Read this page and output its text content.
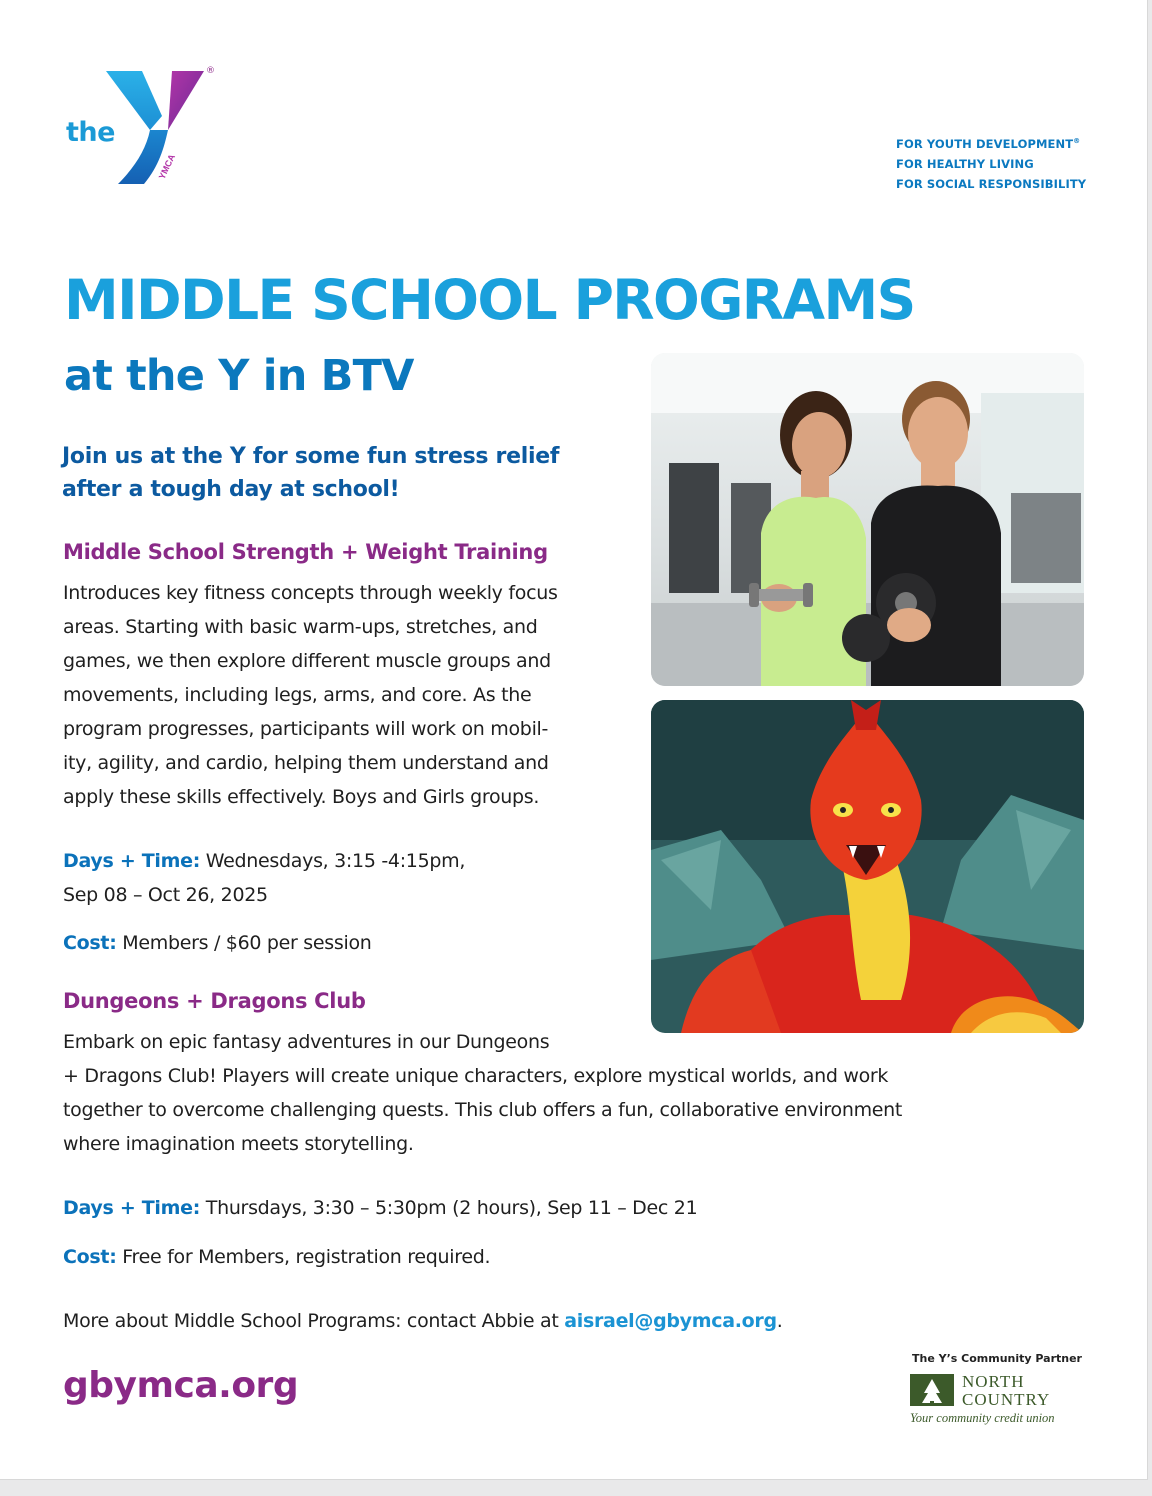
the
YMCA
®
FOR YOUTH DEVELOPMENT®
FOR HEALTHY LIVING
FOR SOCIAL RESPONSIBILITY
MIDDLE SCHOOL PROGRAMS
at the Y in BTV
Join us at the Y for some fun stress relief
after a tough day at school!
Middle School Strength + Weight Training
Introduces key fitness concepts through weekly focus
areas. Starting with basic warm-ups, stretches, and
games, we then explore different muscle groups and
movements, including legs, arms, and core. As the
program progresses, participants will work on mobil-
ity, agility, and cardio, helping them understand and
apply these skills effectively. Boys and Girls groups.
Days + Time: Wednesdays, 3:15 -4:15pm,
Sep 08 – Oct 26, 2025
Cost: Members / $60 per session
Dungeons + Dragons Club
Embark on epic fantasy adventures in our Dungeons
+ Dragons Club! Players will create unique characters, explore mystical worlds, and work
together to overcome challenging quests. This club offers a fun, collaborative environment
where imagination meets storytelling.
Days + Time: Thursdays, 3:30 – 5:30pm (2 hours), Sep 11 – Dec 21
Cost: Free for Members, registration required.
More about Middle School Programs: contact Abbie at aisrael@gbymca.org.
gbymca.org
The Y’s Community Partner
NORTH
COUNTRY
Your community credit union
